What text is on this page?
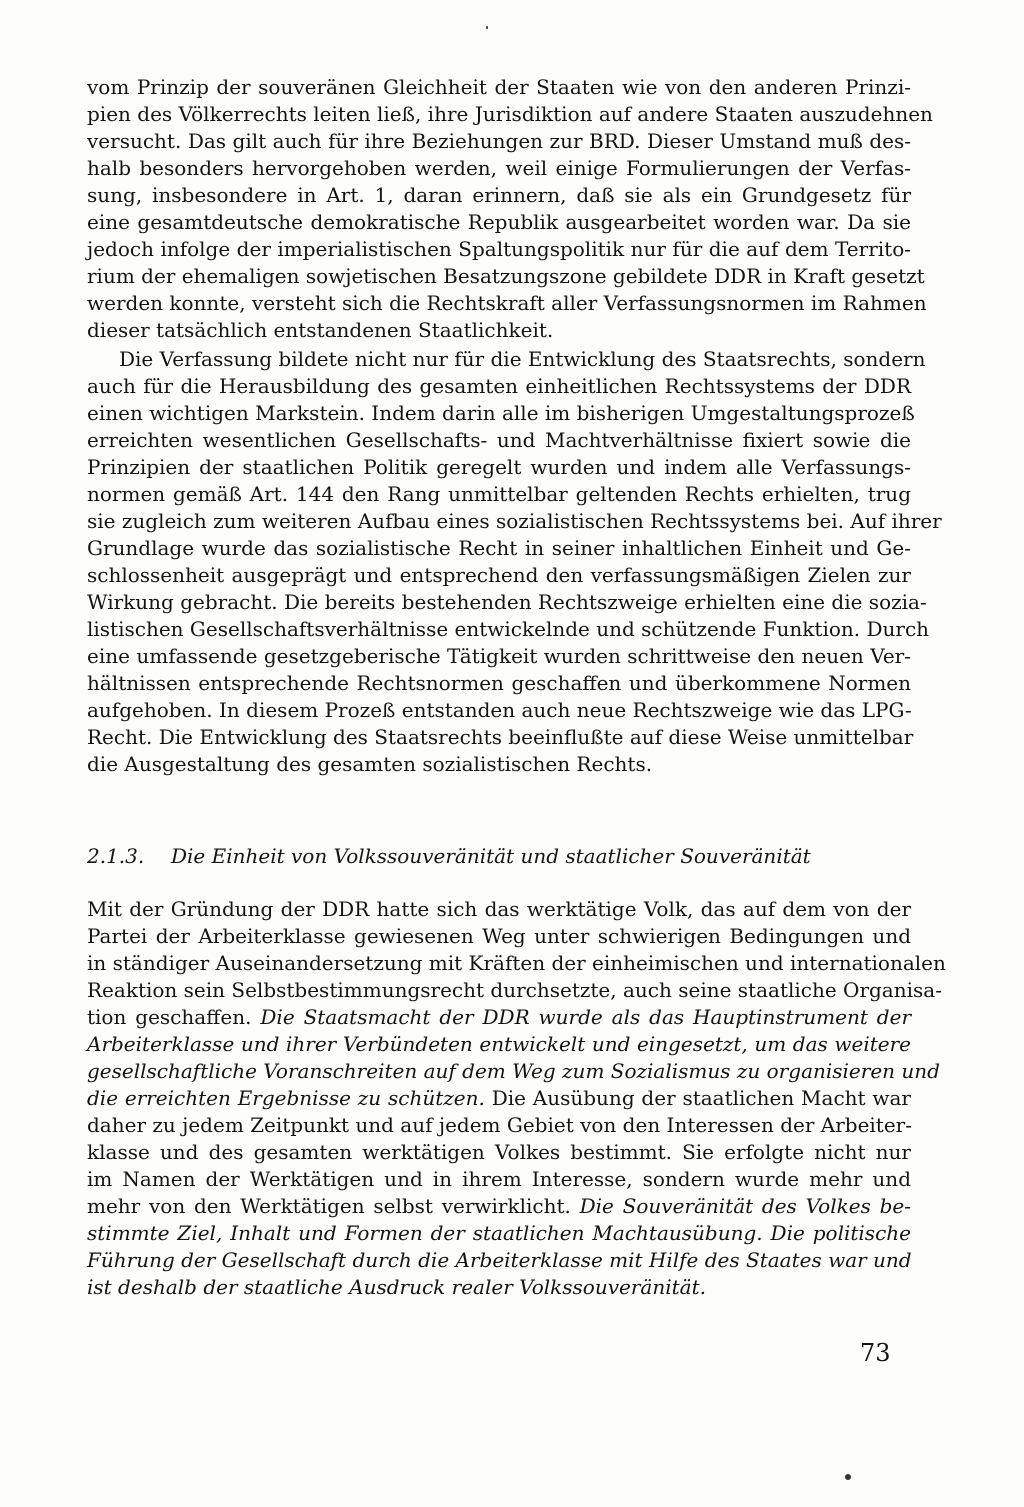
vom Prinzip der souveränen Gleichheit der Staaten wie von den anderen Prinzi-
pien des Völkerrechts leiten ließ, ihre Jurisdiktion auf andere Staaten auszudehnen
versucht. Das gilt auch für ihre Beziehungen zur BRD. Dieser Umstand muß des-
halb besonders hervorgehoben werden, weil einige Formulierungen der Verfas-
sung, insbesondere in Art. 1, daran erinnern, daß sie als ein Grundgesetz für
eine gesamtdeutsche demokratische Republik ausgearbeitet worden war. Da sie
jedoch infolge der imperialistischen Spaltungspolitik nur für die auf dem Territo-
rium der ehemaligen sowjetischen Besatzungszone gebildete DDR in Kraft gesetzt
werden konnte, versteht sich die Rechtskraft aller Verfassungsnormen im Rahmen
dieser tatsächlich entstandenen Staatlichkeit.
Die Verfassung bildete nicht nur für die Entwicklung des Staatsrechts, sondern
auch für die Herausbildung des gesamten einheitlichen Rechtssystems der DDR
einen wichtigen Markstein. Indem darin alle im bisherigen Umgestaltungsprozeß
erreichten wesentlichen Gesellschafts- und Machtverhältnisse fixiert sowie die
Prinzipien der staatlichen Politik geregelt wurden und indem alle Verfassungs-
normen gemäß Art. 144 den Rang unmittelbar geltenden Rechts erhielten, trug
sie zugleich zum weiteren Aufbau eines sozialistischen Rechtssystems bei. Auf ihrer
Grundlage wurde das sozialistische Recht in seiner inhaltlichen Einheit und Ge-
schlossenheit ausgeprägt und entsprechend den verfassungsmäßigen Zielen zur
Wirkung gebracht. Die bereits bestehenden Rechtszweige erhielten eine die sozia-
listischen Gesellschaftsverhältnisse entwickelnde und schützende Funktion. Durch
eine umfassende gesetzgeberische Tätigkeit wurden schrittweise den neuen Ver-
hältnissen entsprechende Rechtsnormen geschaffen und überkommene Normen
aufgehoben. In diesem Prozeß entstanden auch neue Rechtszweige wie das LPG-
Recht. Die Entwicklung des Staatsrechts beeinflußte auf diese Weise unmittelbar
die Ausgestaltung des gesamten sozialistischen Rechts.
2.1.3. Die Einheit von Volkssouveränität und staatlicher Souveränität
Mit der Gründung der DDR hatte sich das werktätige Volk, das auf dem von der
Partei der Arbeiterklasse gewiesenen Weg unter schwierigen Bedingungen und
in ständiger Auseinandersetzung mit Kräften der einheimischen und internationalen
Reaktion sein Selbstbestimmungsrecht durchsetzte, auch seine staatliche Organisa-
tion geschaffen. Die Staatsmacht der DDR wurde als das Hauptinstrument der
Arbeiterklasse und ihrer Verbündeten entwickelt und eingesetzt, um das weitere
gesellschaftliche Voranschreiten auf dem Weg zum Sozialismus zu organisieren und
die erreichten Ergebnisse zu schützen. Die Ausübung der staatlichen Macht war
daher zu jedem Zeitpunkt und auf jedem Gebiet von den Interessen der Arbeiter-
klasse und des gesamten werktätigen Volkes bestimmt. Sie erfolgte nicht nur
im Namen der Werktätigen und in ihrem Interesse, sondern wurde mehr und
mehr von den Werktätigen selbst verwirklicht. Die Souveränität des Volkes be-
stimmte Ziel, Inhalt und Formen der staatlichen Machtausübung. Die politische
Führung der Gesellschaft durch die Arbeiterklasse mit Hilfe des Staates war und
ist deshalb der staatliche Ausdruck realer Volkssouveränität.
73
